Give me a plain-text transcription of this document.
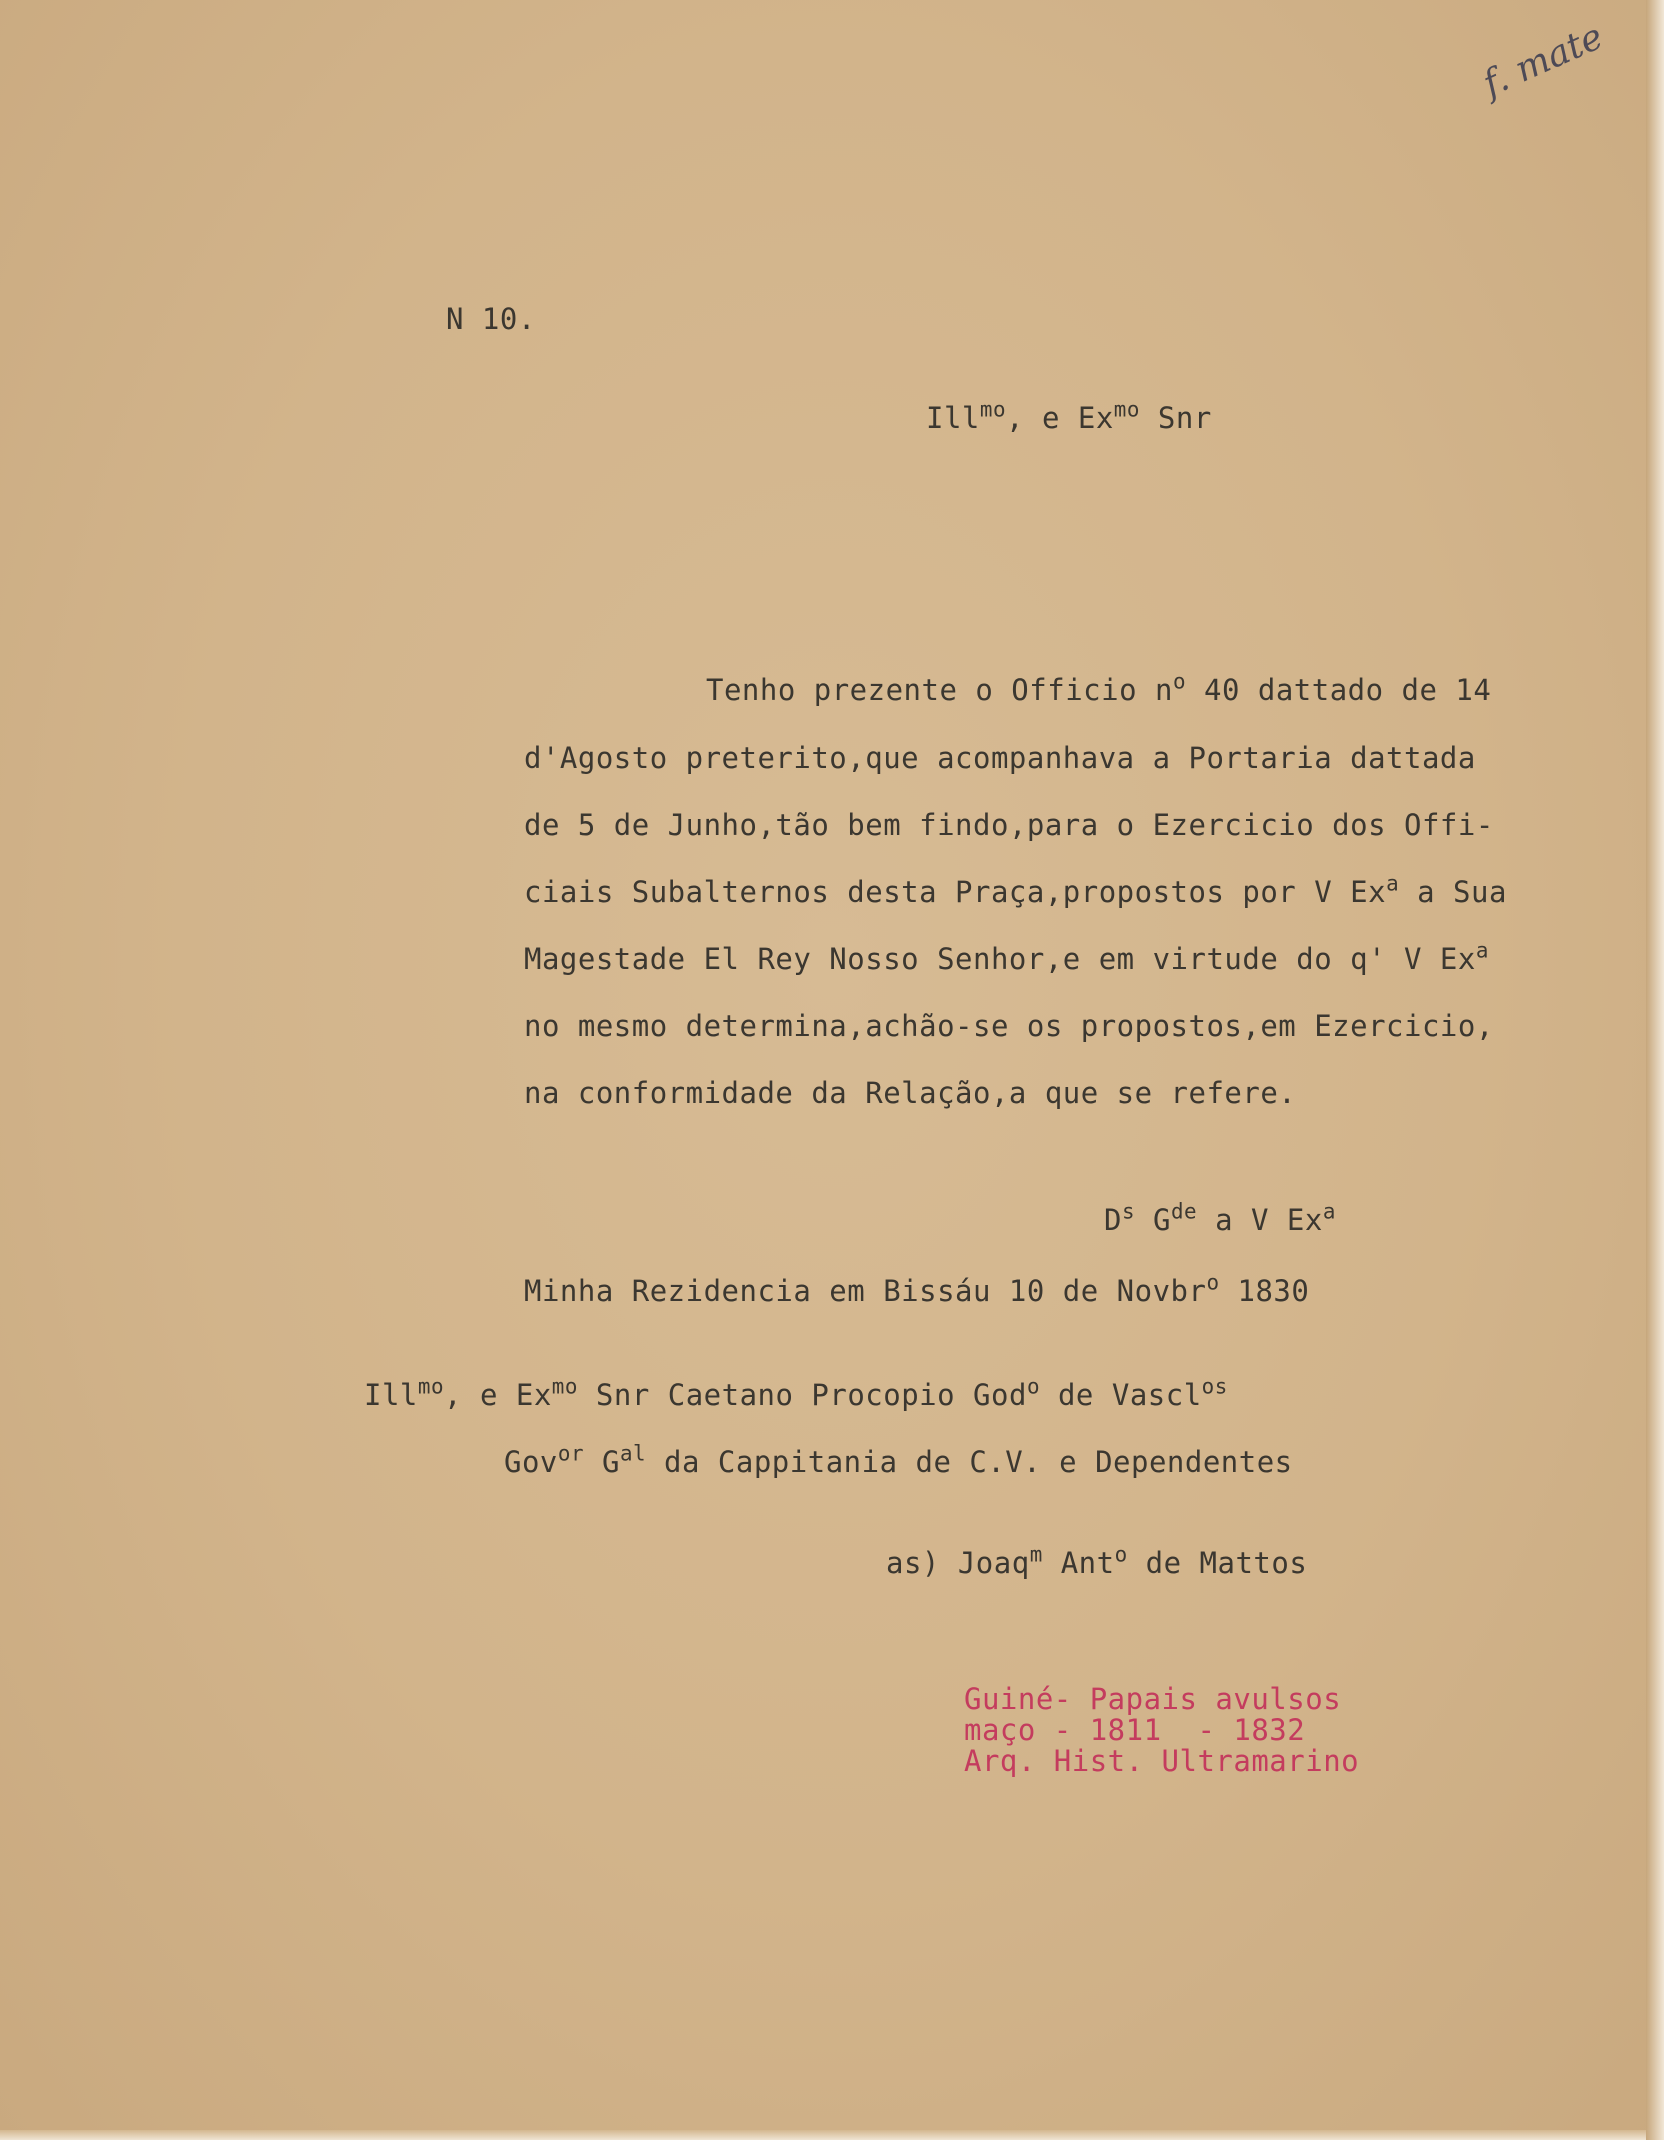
f. mate
N 10.
Ill$^{mo}$, e $Ex^{mo}$ Snr
Tenho prezente o Officio $n^o$ 40 dattado de 14
d'Agosto preterito,que acompanhava a Portaria dattada
de 5 de Junho,tão bem findo,para o Ezercicio dos Offi-
ciais Subalternos desta Praça,propostos por V Ex$^a$ a Sua
Magestade El Rey Nosso Senhor,e em virtude do q' V Ex$^a$
no mesmo determina,achão-se os propostos,em Ezercicio,
na conformidade da Relação,a que se refere.
$D^s$ $G^{de}$ a V Ex$^a$
Minha Rezidencia em Bissáu 10 de Novbr$^o$ 1830
Ill$^{mo}$, e $Ex^{mo}$ Snr Caetano Procopio God$^o$ de Vascl$^{os}$
Gov$^{or}$ $G^{al}$ da Cappitania de C.V. e Dependentes
as) Joaq$^m$ Ant$^o$ de Mattos
Guiné- Papais avulsos
maço - 1811  - 1832
Arq. Hist. Ultramarino
